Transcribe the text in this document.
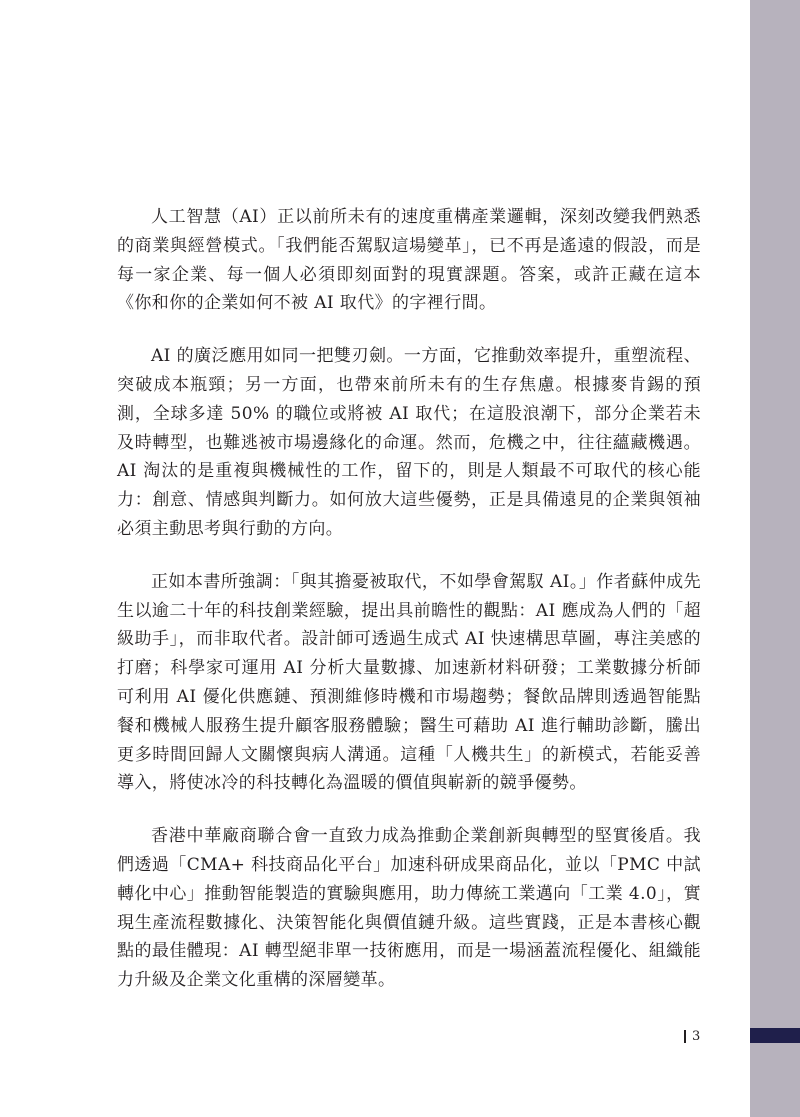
人工智慧（AI）正以前所未有的速度重構產業邏輯，深刻改變我們熟悉的商業與經營模式。「我們能否駕馭這場變革」，已不再是遙遠的假設，而是每一家企業、每一個人必須即刻面對的現實課題。答案，或許正藏在這本《你和你的企業如何不被 AI 取代》的字裡行間。

AI 的廣泛應用如同一把雙刃劍。一方面，它推動效率提升，重塑流程、突破成本瓶頸；另一方面，也帶來前所未有的生存焦慮。根據麥肯錫的預測，全球多達 50% 的職位或將被 AI 取代；在這股浪潮下，部分企業若未及時轉型，也難逃被市場邊緣化的命運。然而，危機之中，往往蘊藏機遇。AI 淘汰的是重複與機械性的工作，留下的，則是人類最不可取代的核心能力：創意、情感與判斷力。如何放大這些優勢，正是具備遠見的企業與領袖必須主動思考與行動的方向。

正如本書所強調：「與其擔憂被取代，不如學會駕馭 AI。」作者蘇仲成先生以逾二十年的科技創業經驗，提出具前瞻性的觀點：AI 應成為人們的「超級助手」，而非取代者。設計師可透過生成式 AI 快速構思草圖，專注美感的打磨；科學家可運用 AI 分析大量數據、加速新材料研發；工業數據分析師可利用 AI 優化供應鏈、預測維修時機和市場趨勢；餐飲品牌則透過智能點餐和機械人服務生提升顧客服務體驗；醫生可藉助 AI 進行輔助診斷，騰出更多時間回歸人文關懷與病人溝通。這種「人機共生」的新模式，若能妥善導入，將使冰冷的科技轉化為溫暖的價值與嶄新的競爭優勢。

香港中華廠商聯合會一直致力成為推動企業創新與轉型的堅實後盾。我們透過「CMA+ 科技商品化平台」加速科研成果商品化，並以「PMC 中試轉化中心」推動智能製造的實驗與應用，助力傳統工業邁向「工業 4.0」，實現生產流程數據化、決策智能化與價值鏈升級。這些實踐，正是本書核心觀點的最佳體現：AI 轉型絕非單一技術應用，而是一場涵蓋流程優化、組織能力升級及企業文化重構的深層變革。

3
